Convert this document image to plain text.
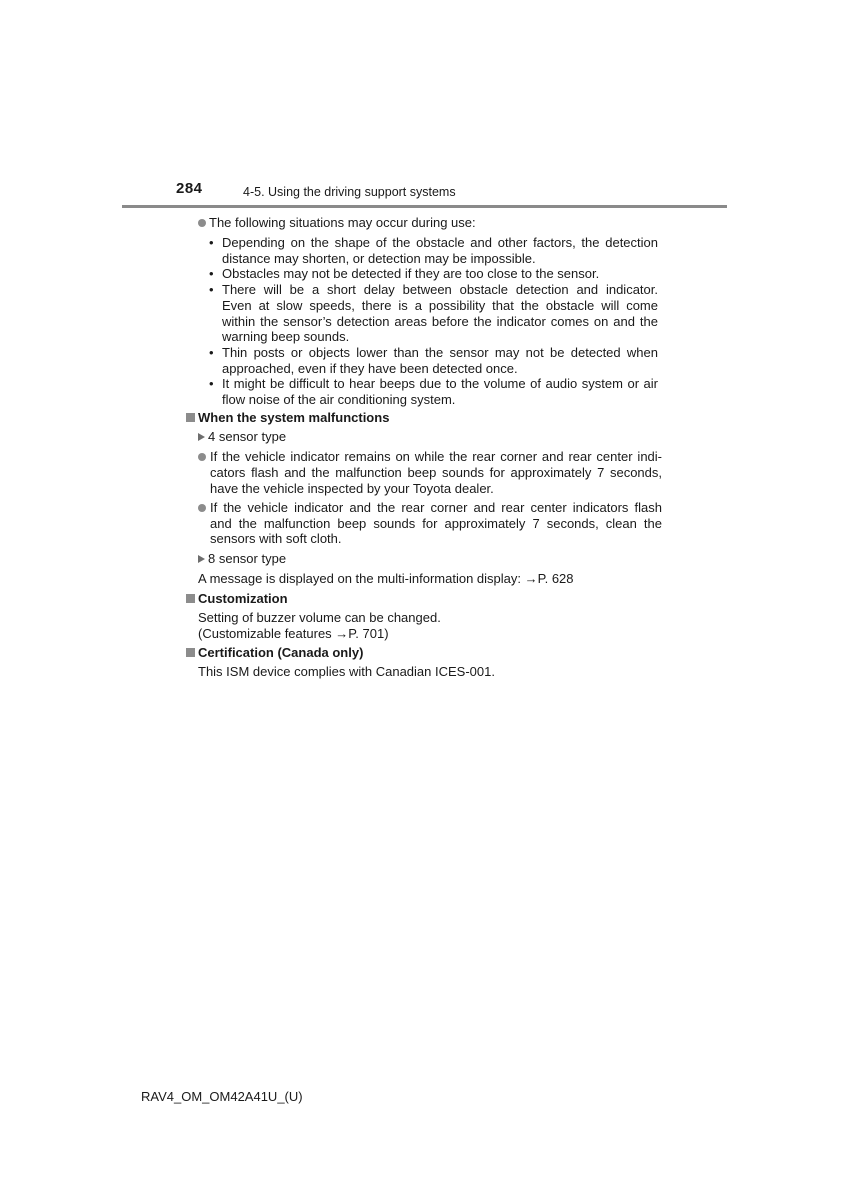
284	4-5. Using the driving support systems
The following situations may occur during use:
• Depending on the shape of the obstacle and other factors, the detection
distance may shorten, or detection may be impossible.
• Obstacles may not be detected if they are too close to the sensor.
• There will be a short delay between obstacle detection and indicator.
Even at slow speeds, there is a possibility that the obstacle will come
within the sensor’s detection areas before the indicator comes on and the
warning beep sounds.
• Thin posts or objects lower than the sensor may not be detected when
approached, even if they have been detected once.
• It might be difficult to hear beeps due to the volume of audio system or air
flow noise of the air conditioning system.
When the system malfunctions
4 sensor type
If the vehicle indicator remains on while the rear corner and rear center indi-
cators flash and the malfunction beep sounds for approximately 7 seconds,
have the vehicle inspected by your Toyota dealer.
If the vehicle indicator and the rear corner and rear center indicators flash
and the malfunction beep sounds for approximately 7 seconds, clean the
sensors with soft cloth.
8 sensor type
A message is displayed on the multi-information display: →P. 628
Customization
Setting of buzzer volume can be changed.
(Customizable features →P. 701)
Certification (Canada only)
This ISM device complies with Canadian ICES-001.
RAV4_OM_OM42A41U_(U)
